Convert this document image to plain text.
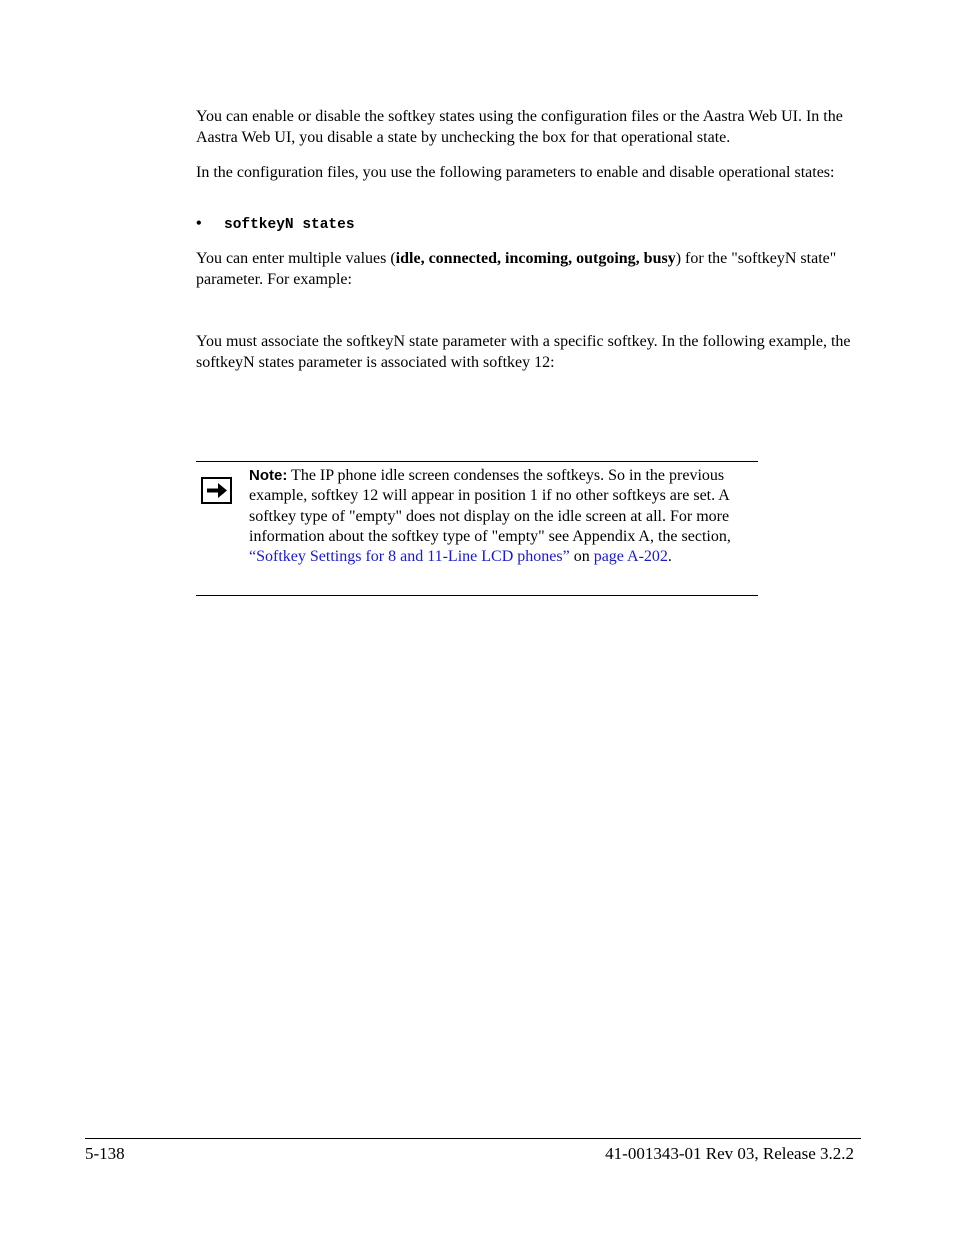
You can enable or disable the softkey states using the configuration files or the Aastra Web UI. In the Aastra Web UI, you disable a state by unchecking the box for that operational state.

In the configuration files, you use the following parameters to enable and disable operational states:

• softkeyN states

You can enter multiple values (idle, connected, incoming, outgoing, busy) for the "softkeyN state" parameter. For example:

You must associate the softkeyN state parameter with a specific softkey. In the following example, the softkeyN states parameter is associated with softkey 12:

Note: The IP phone idle screen condenses the softkeys. So in the previous example, softkey 12 will appear in position 1 if no other softkeys are set. A softkey type of "empty" does not display on the idle screen at all. For more information about the softkey type of "empty" see Appendix A, the section, “Softkey Settings for 8 and 11-Line LCD phones” on page A-202.

5-138	41-001343-01 Rev 03, Release 3.2.2
